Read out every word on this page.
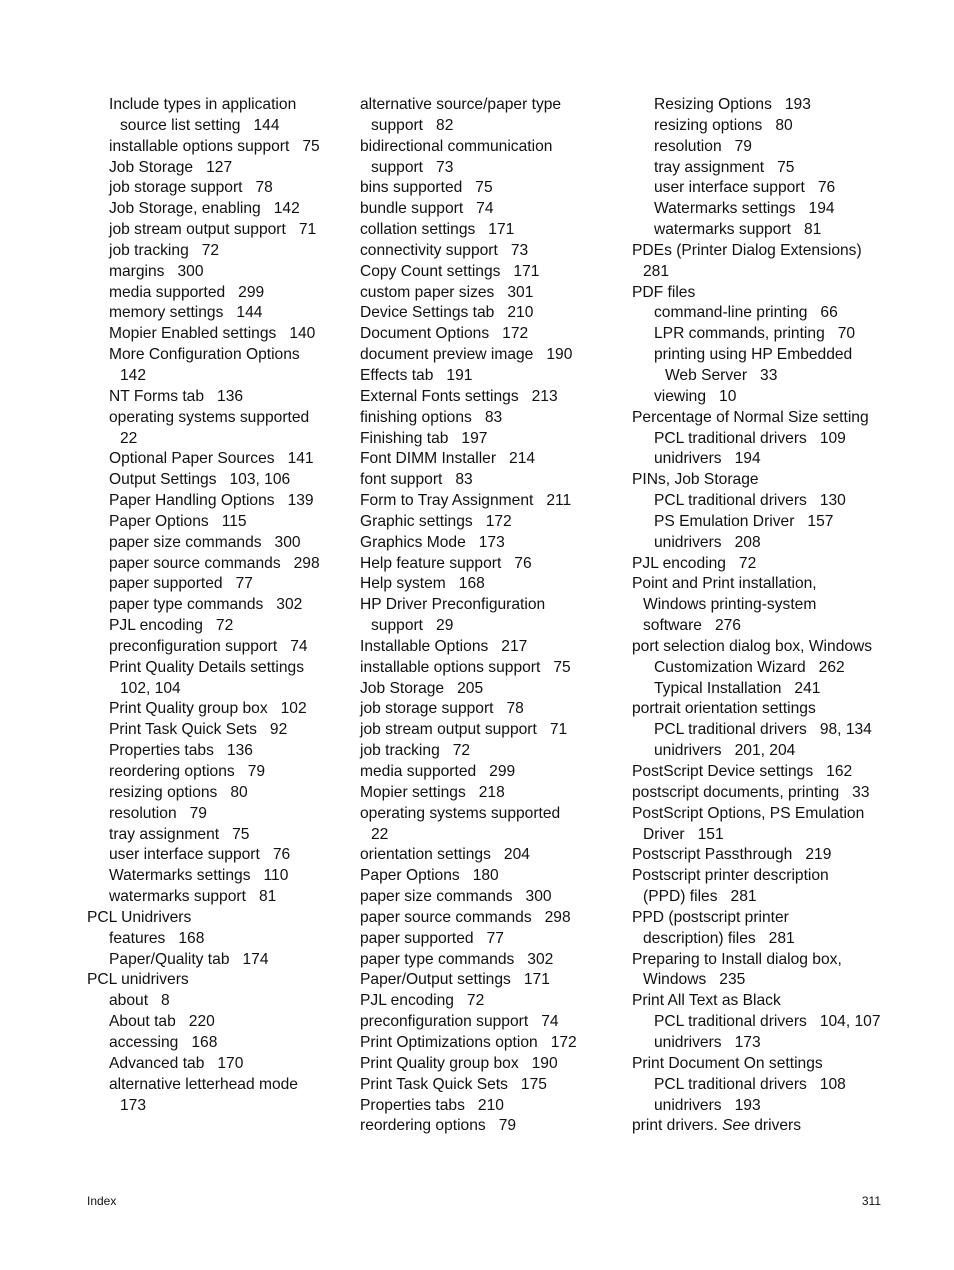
Include types in application
source list setting 144
installable options support 75
Job Storage 127
job storage support 78
Job Storage, enabling 142
job stream output support 71
job tracking 72
margins 300
media supported 299
memory settings 144
Mopier Enabled settings 140
More Configuration Options
142
NT Forms tab 136
operating systems supported
22
Optional Paper Sources 141
Output Settings 103, 106
Paper Handling Options 139
Paper Options 115
paper size commands 300
paper source commands 298
paper supported 77
paper type commands 302
PJL encoding 72
preconfiguration support 74
Print Quality Details settings
102, 104
Print Quality group box 102
Print Task Quick Sets 92
Properties tabs 136
reordering options 79
resizing options 80
resolution 79
tray assignment 75
user interface support 76
Watermarks settings 110
watermarks support 81
PCL Unidrivers
features 168
Paper/Quality tab 174
PCL unidrivers
about 8
About tab 220
accessing 168
Advanced tab 170
alternative letterhead mode
173
alternative source/paper type
support 82
bidirectional communication
support 73
bins supported 75
bundle support 74
collation settings 171
connectivity support 73
Copy Count settings 171
custom paper sizes 301
Device Settings tab 210
Document Options 172
document preview image 190
Effects tab 191
External Fonts settings 213
finishing options 83
Finishing tab 197
Font DIMM Installer 214
font support 83
Form to Tray Assignment 211
Graphic settings 172
Graphics Mode 173
Help feature support 76
Help system 168
HP Driver Preconfiguration
support 29
Installable Options 217
installable options support 75
Job Storage 205
job storage support 78
job stream output support 71
job tracking 72
media supported 299
Mopier settings 218
operating systems supported
22
orientation settings 204
Paper Options 180
paper size commands 300
paper source commands 298
paper supported 77
paper type commands 302
Paper/Output settings 171
PJL encoding 72
preconfiguration support 74
Print Optimizations option 172
Print Quality group box 190
Print Task Quick Sets 175
Properties tabs 210
reordering options 79
Resizing Options 193
resizing options 80
resolution 79
tray assignment 75
user interface support 76
Watermarks settings 194
watermarks support 81
PDEs (Printer Dialog Extensions)
281
PDF files
command-line printing 66
LPR commands, printing 70
printing using HP Embedded
Web Server 33
viewing 10
Percentage of Normal Size setting
PCL traditional drivers 109
unidrivers 194
PINs, Job Storage
PCL traditional drivers 130
PS Emulation Driver 157
unidrivers 208
PJL encoding 72
Point and Print installation,
Windows printing-system
software 276
port selection dialog box, Windows
Customization Wizard 262
Typical Installation 241
portrait orientation settings
PCL traditional drivers 98, 134
unidrivers 201, 204
PostScript Device settings 162
postscript documents, printing 33
PostScript Options, PS Emulation
Driver 151
Postscript Passthrough 219
Postscript printer description
(PPD) files 281
PPD (postscript printer
description) files 281
Preparing to Install dialog box,
Windows 235
Print All Text as Black
PCL traditional drivers 104, 107
unidrivers 173
Print Document On settings
PCL traditional drivers 108
unidrivers 193
print drivers. See drivers
Index	311
